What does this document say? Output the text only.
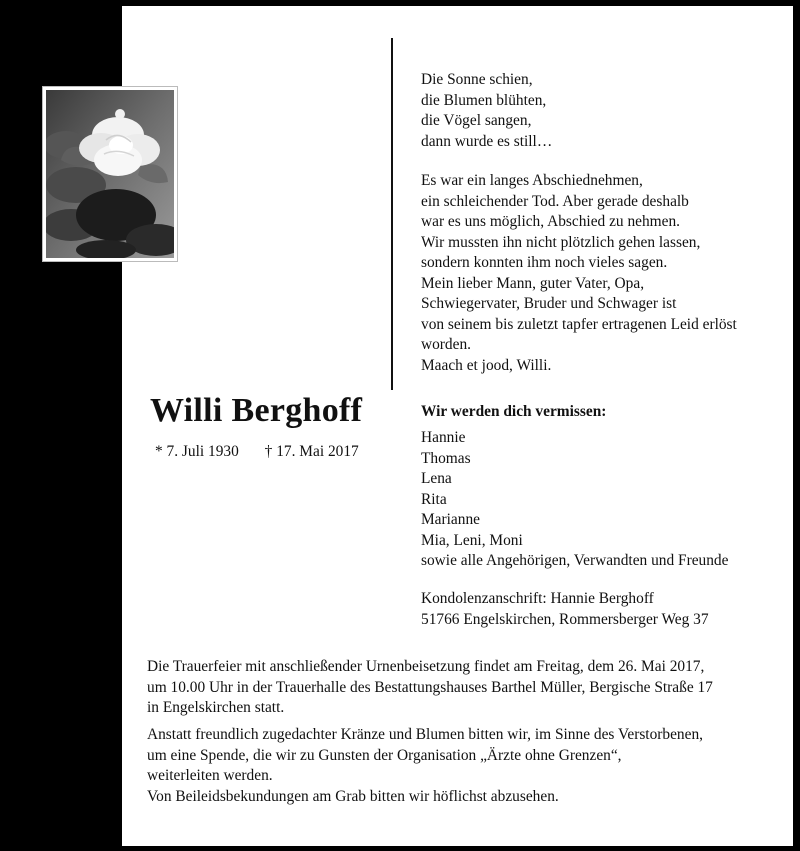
Die Sonne schien,
die Blumen blühten,
die Vögel sangen,
dann wurde es still…
Es war ein langes Abschiednehmen,
ein schleichender Tod. Aber gerade deshalb
war es uns möglich, Abschied zu nehmen.
Wir mussten ihn nicht plötzlich gehen lassen,
sondern konnten ihm noch vieles sagen.
Mein lieber Mann, guter Vater, Opa,
Schwiegervater, Bruder und Schwager ist
von seinem bis zuletzt tapfer ertragenen Leid erlöst
worden.
Maach et jood, Willi.
Willi Berghoff
* 7. Juli 1930 † 17. Mai 2017
Wir werden dich vermissen:
Hannie
Thomas
Lena
Rita
Marianne
Mia, Leni, Moni
sowie alle Angehörigen, Verwandten und Freunde
Kondolenzanschrift: Hannie Berghoff
51766 Engelskirchen, Rommersberger Weg 37
Die Trauerfeier mit anschließender Urnenbeisetzung findet am Freitag, dem 26. Mai 2017,
um 10.00 Uhr in der Trauerhalle des Bestattungshauses Barthel Müller, Bergische Straße 17
in Engelskirchen statt.
Anstatt freundlich zugedachter Kränze und Blumen bitten wir, im Sinne des Verstorbenen,
um eine Spende, die wir zu Gunsten der Organisation „Ärzte ohne Grenzen“,
weiterleiten werden.
Von Beileidsbekundungen am Grab bitten wir höflichst abzusehen.
